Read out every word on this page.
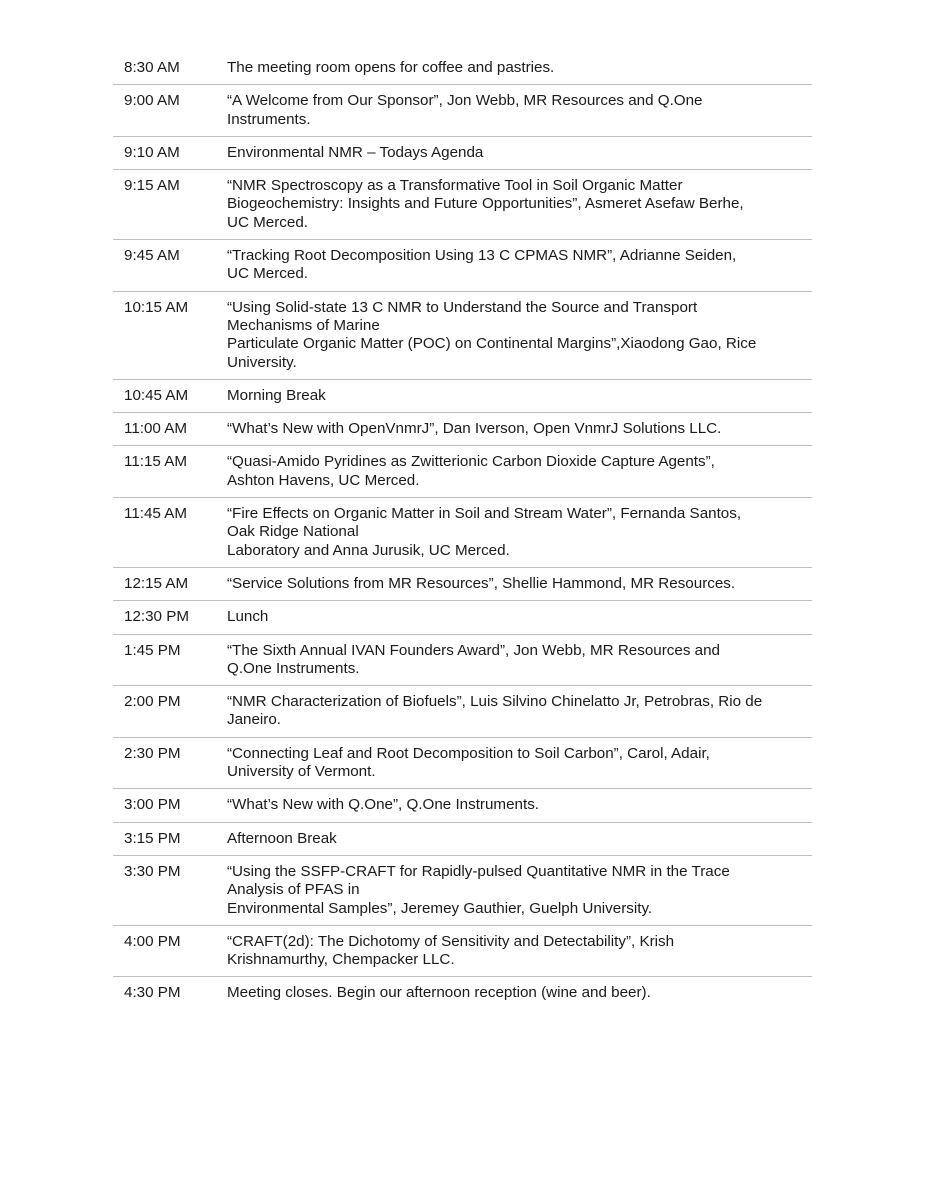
8:30 AM	The meeting room opens for coffee and pastries.
9:00 AM	“A Welcome from Our Sponsor”, Jon Webb, MR Resources and Q.One
Instruments.
9:10 AM	Environmental NMR – Todays Agenda
9:15 AM	“NMR Spectroscopy as a Transformative Tool in Soil Organic Matter
Biogeochemistry: Insights and Future Opportunities”, Asmeret Asefaw Berhe,
UC Merced.
9:45 AM	“Tracking Root Decomposition Using 13 C CPMAS NMR”, Adrianne Seiden,
UC Merced.
10:15 AM	“Using Solid-state 13 C NMR to Understand the Source and Transport
Mechanisms of Marine
Particulate Organic Matter (POC) on Continental Margins”,Xiaodong Gao, Rice
University.
10:45 AM	Morning Break
11:00 AM	“What’s New with OpenVnmrJ”, Dan Iverson, Open VnmrJ Solutions LLC.
11:15 AM	“Quasi-Amido Pyridines as Zwitterionic Carbon Dioxide Capture Agents”,
Ashton Havens, UC Merced.
11:45 AM	“Fire Effects on Organic Matter in Soil and Stream Water”, Fernanda Santos,
Oak Ridge National
Laboratory and Anna Jurusik, UC Merced.
12:15 AM	“Service Solutions from MR Resources”, Shellie Hammond, MR Resources.
12:30 PM	Lunch
1:45 PM	“The Sixth Annual IVAN Founders Award”, Jon Webb, MR Resources and
Q.One Instruments.
2:00 PM	“NMR Characterization of Biofuels”, Luis Silvino Chinelatto Jr, Petrobras, Rio de
Janeiro.
2:30 PM	“Connecting Leaf and Root Decomposition to Soil Carbon”, Carol, Adair,
University of Vermont.
3:00 PM	“What’s New with Q.One”, Q.One Instruments.
3:15 PM	Afternoon Break
3:30 PM	“Using the SSFP-CRAFT for Rapidly-pulsed Quantitative NMR in the Trace
Analysis of PFAS in
Environmental Samples”, Jeremey Gauthier, Guelph University.
4:00 PM	“CRAFT(2d): The Dichotomy of Sensitivity and Detectability”, Krish
Krishnamurthy, Chempacker LLC.
4:30 PM	Meeting closes. Begin our afternoon reception (wine and beer).
